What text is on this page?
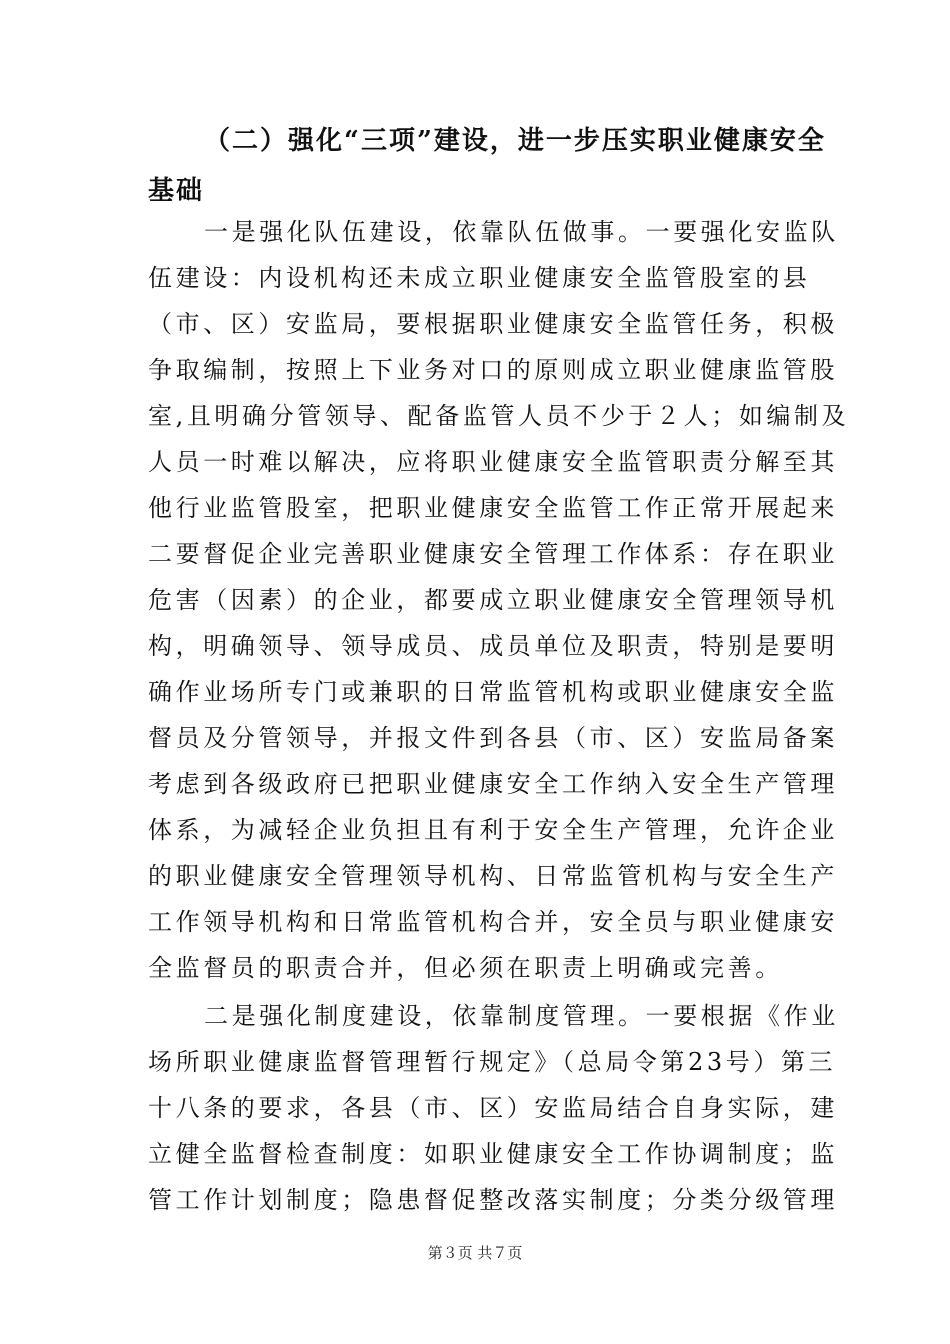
（二）强化“三项”建设，进一步压实职业健康安全
基础
一是强化队伍建设，依靠队伍做事。一要强化安监队
伍建设：内设机构还未成立职业健康安全监管股室的县
（市、区）安监局，要根据职业健康安全监管任务，积极
争取编制，按照上下业务对口的原则成立职业健康监管股
室,且明确分管领导、配备监管人员不少于２人；如编制及
人员一时难以解决，应将职业健康安全监管职责分解至其
他行业监管股室，把职业健康安全监管工作正常开展起来
二要督促企业完善职业健康安全管理工作体系：存在职业
危害（因素）的企业，都要成立职业健康安全管理领导机
构，明确领导、领导成员、成员单位及职责，特别是要明
确作业场所专门或兼职的日常监管机构或职业健康安全监
督员及分管领导，并报文件到各县（市、区）安监局备案
考虑到各级政府已把职业健康安全工作纳入安全生产管理
体系，为减轻企业负担且有利于安全生产管理，允许企业
的职业健康安全管理领导机构、日常监管机构与安全生产
工作领导机构和日常监管机构合并，安全员与职业健康安
全监督员的职责合并，但必须在职责上明确或完善。
二是强化制度建设，依靠制度管理。一要根据《作业
场所职业健康监督管理暂行规定》（总局令第23号）第三
十八条的要求，各县（市、区）安监局结合自身实际，建
立健全监督检查制度：如职业健康安全工作协调制度；监
管工作计划制度；隐患督促整改落实制度；分类分级管理
第３页 共７页
